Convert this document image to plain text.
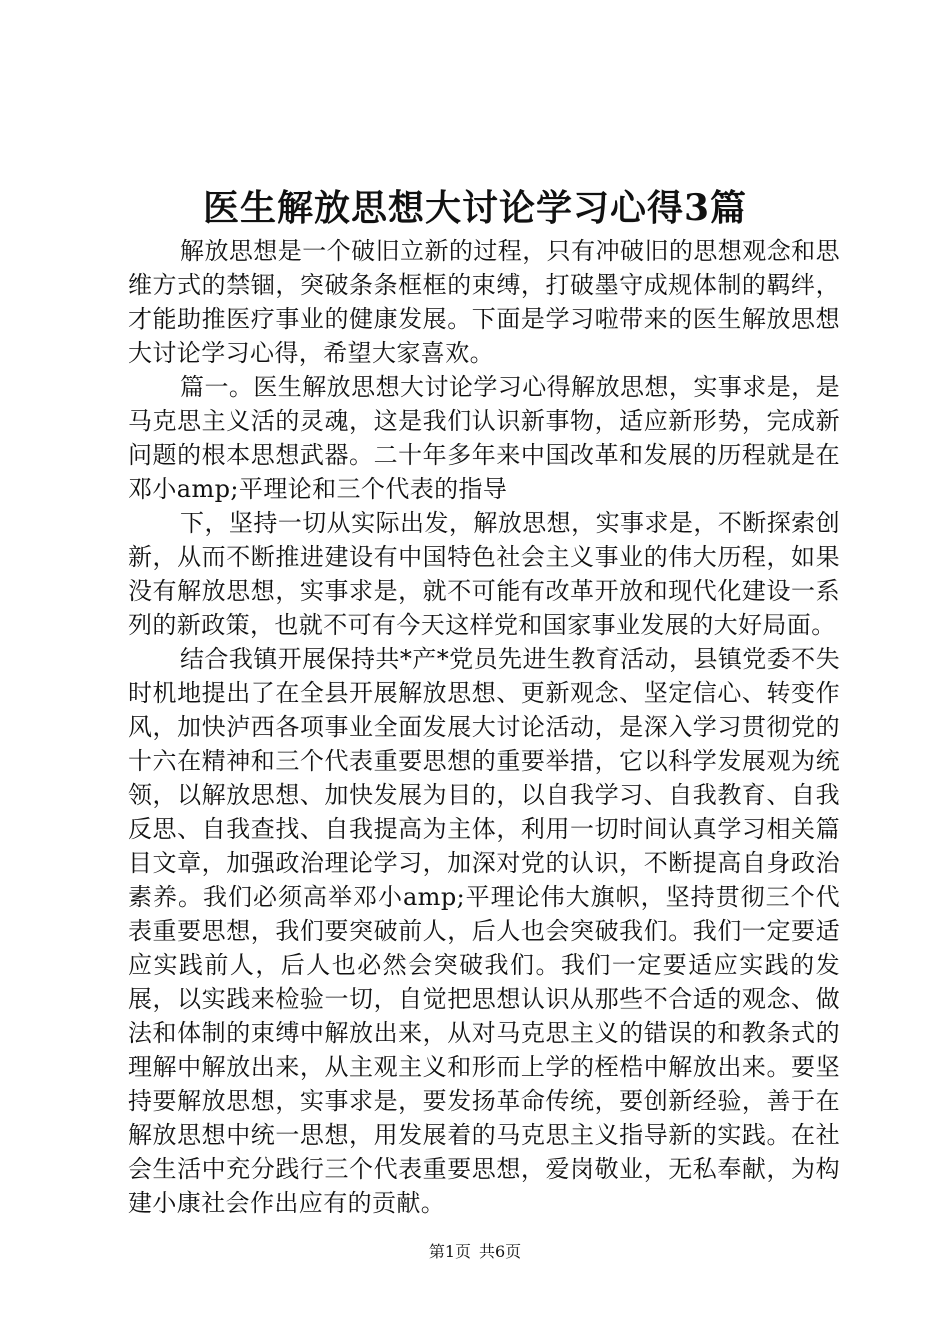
医生解放思想大讨论学习心得3篇

解放思想是一个破旧立新的过程，只有冲破旧的思想观念和思维方式的禁锢，突破条条框框的束缚，打破墨守成规体制的羁绊，才能助推医疗事业的健康发展。下面是学习啦带来的医生解放思想大讨论学习心得，希望大家喜欢。

篇一。医生解放思想大讨论学习心得解放思想，实事求是，是马克思主义活的灵魂，这是我们认识新事物，适应新形势，完成新问题的根本思想武器。二十年多年来中国改革和发展的历程就是在邓小amp;平理论和三个代表的指导

下，坚持一切从实际出发，解放思想，实事求是，不断探索创新，从而不断推进建设有中国特色社会主义事业的伟大历程，如果没有解放思想，实事求是，就不可能有改革开放和现代化建设一系列的新政策，也就不可有今天这样党和国家事业发展的大好局面。

结合我镇开展保持共*产*党员先进生教育活动，县镇党委不失时机地提出了在全县开展解放思想、更新观念、坚定信心、转变作风，加快泸西各项事业全面发展大讨论活动，是深入学习贯彻党的十六在精神和三个代表重要思想的重要举措，它以科学发展观为统领，以解放思想、加快发展为目的，以自我学习、自我教育、自我反思、自我查找、自我提高为主体，利用一切时间认真学习相关篇目文章，加强政治理论学习，加深对党的认识，不断提高自身政治素养。我们必须高举邓小amp;平理论伟大旗帜，坚持贯彻三个代表重要思想，我们要突破前人，后人也会突破我们。我们一定要适应实践前人，后人也必然会突破我们。我们一定要适应实践的发展，以实践来检验一切，自觉把思想认识从那些不合适的观念、做法和体制的束缚中解放出来，从对马克思主义的错误的和教条式的理解中解放出来，从主观主义和形而上学的桎梏中解放出来。要坚持要解放思想，实事求是，要发扬革命传统，要创新经验，善于在解放思想中统一思想，用发展着的马克思主义指导新的实践。在社会生活中充分践行三个代表重要思想，爱岗敬业，无私奉献，为构建小康社会作出应有的贡献。

第1页 共6页
